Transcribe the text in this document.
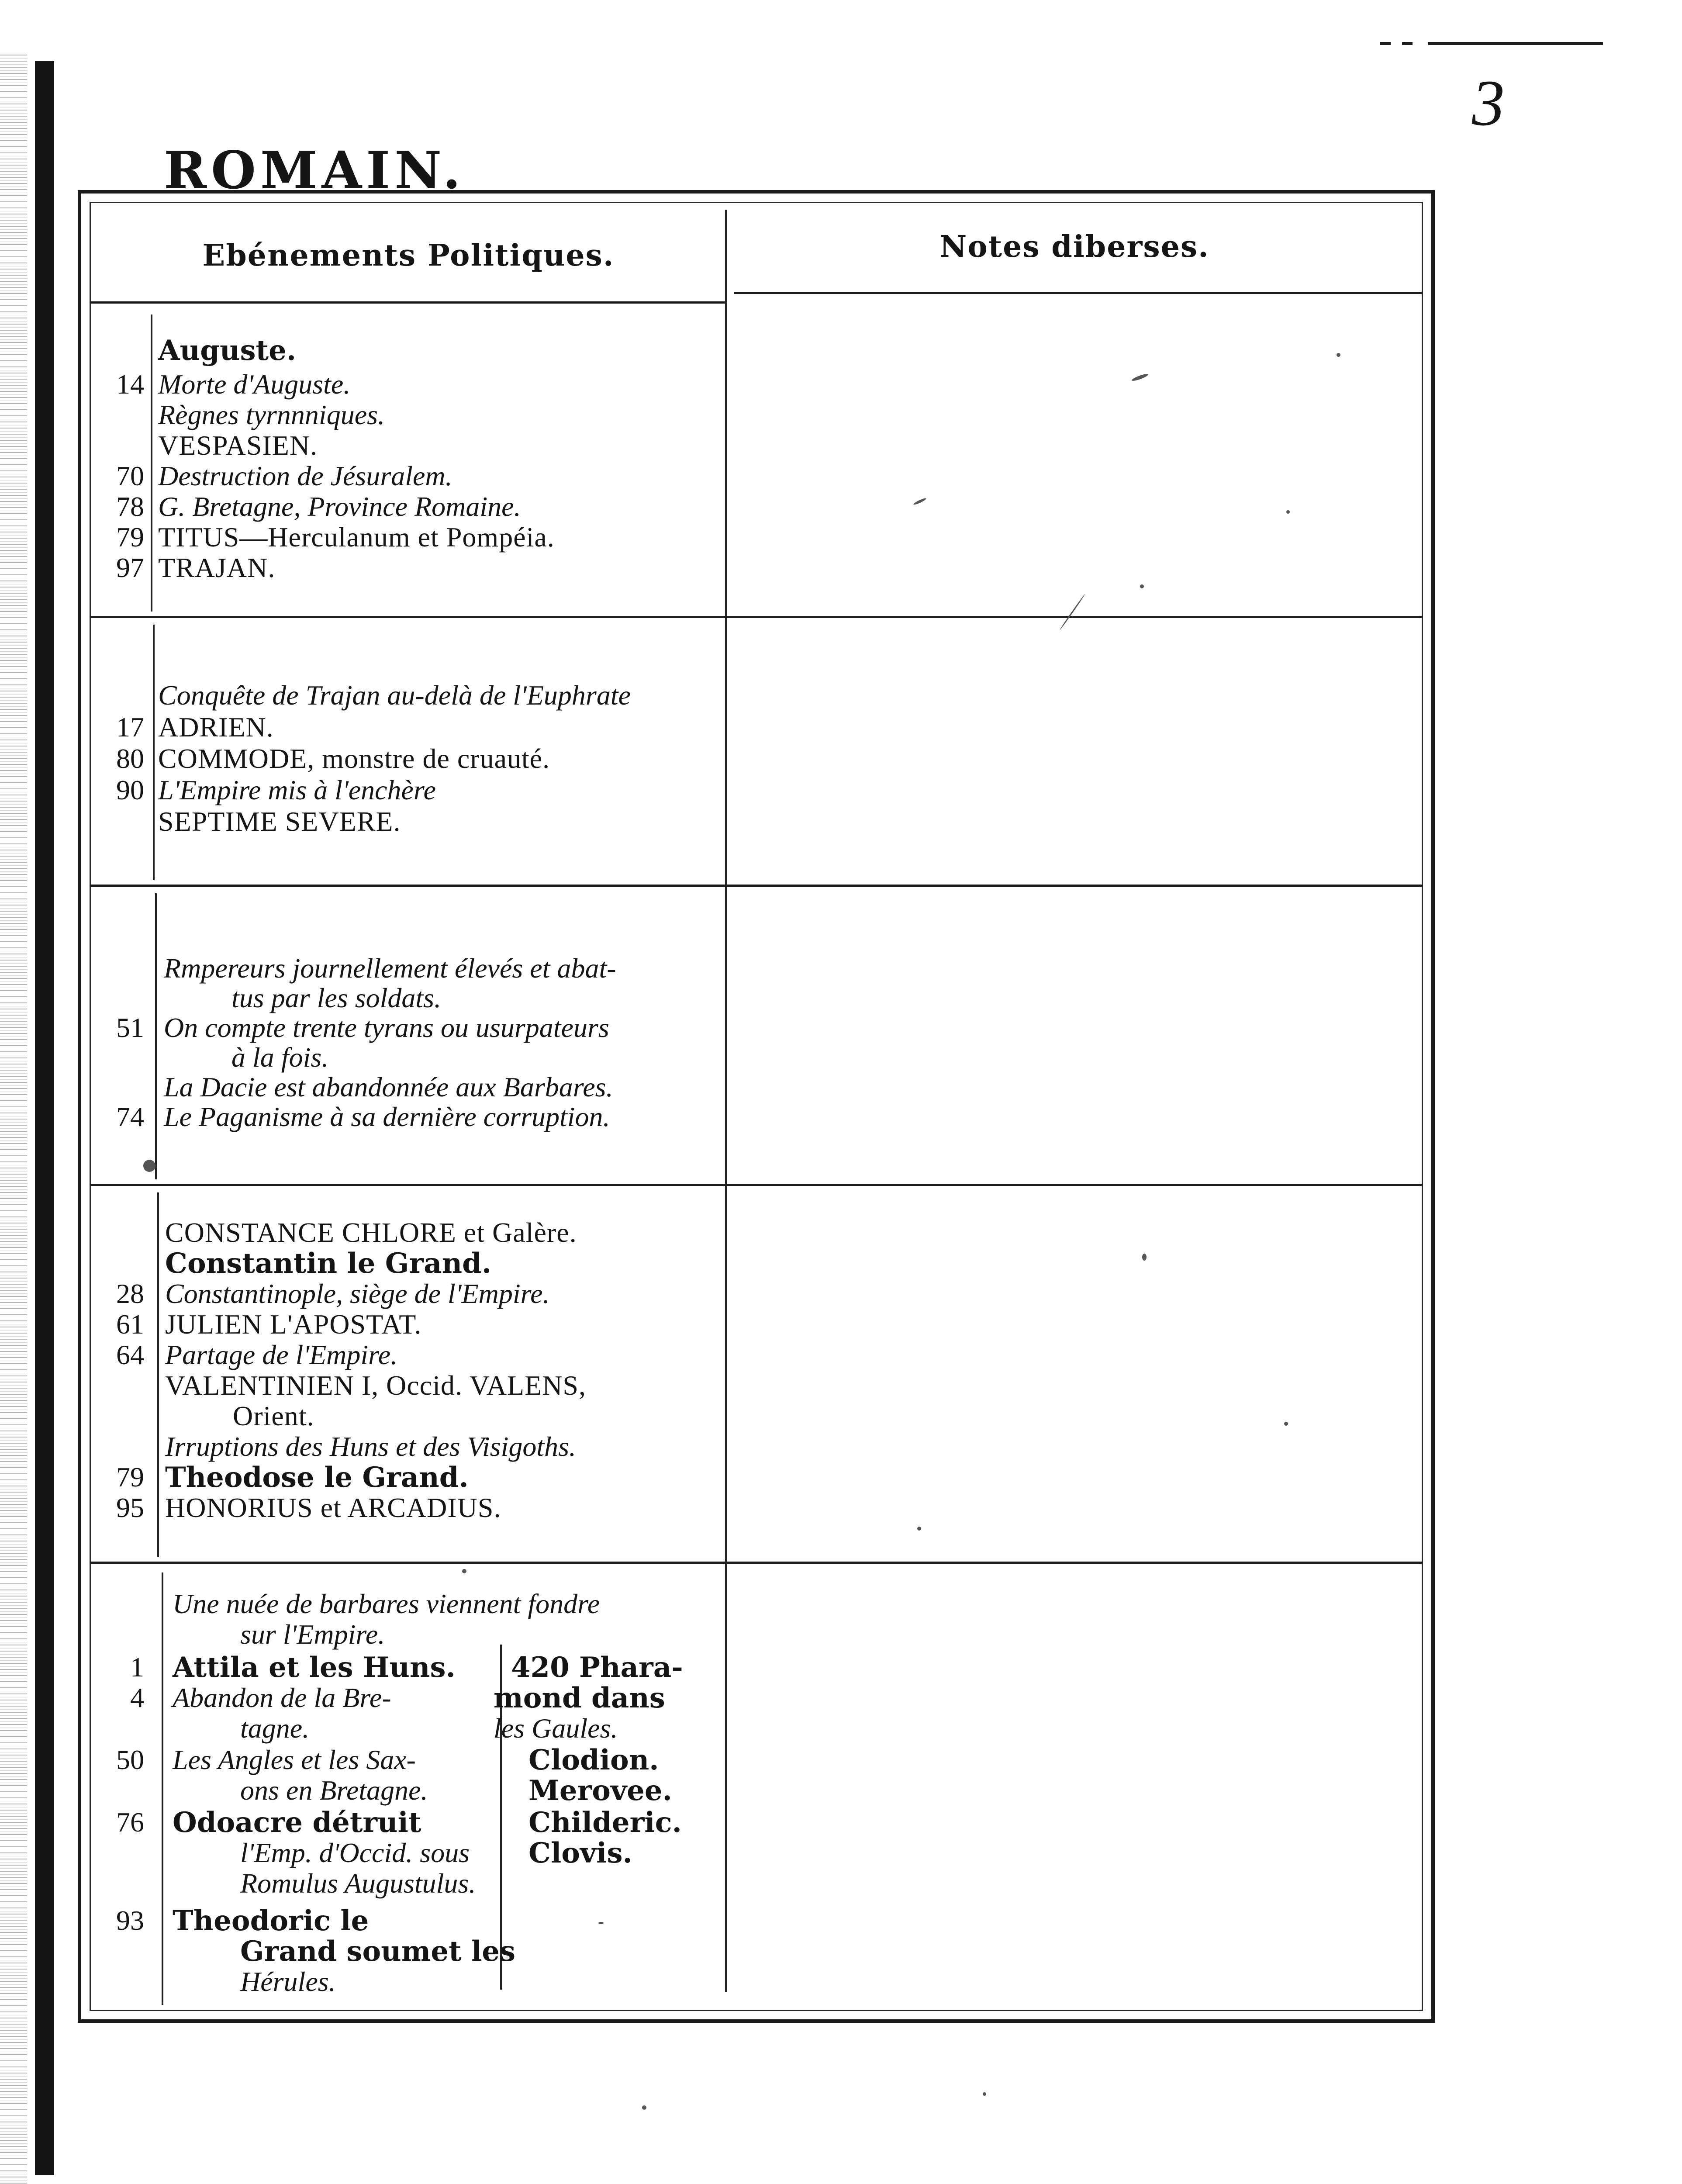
3
ROMAIN.
Ebénements Politiques.	Notes diberses.
Auguste.
14 Morte d'Auguste.
Règnes tyrnnniques.
VESPASIEN.
70 Destruction de Jésuralem.
78 G. Bretagne, Province Romaine.
79 TITUS—Herculanum et Pompéia.
97 TRAJAN.
Conquête de Trajan au-delà de l'Euphrate
17 ADRIEN.
80 COMMODE, monstre de cruauté.
90 L'Empire mis à l'enchère
SEPTIME SEVERE.
Rmpereurs journellement élevés et abat-
tus par les soldats.
51 On compte trente tyrans ou usurpateurs
à la fois.
La Dacie est abandonnée aux Barbares.
74 Le Paganisme à sa dernière corruption.
CONSTANCE CHLORE et Galère.
Constantin le Grand.
28 Constantinople, siège de l'Empire.
61 JULIEN L'APOSTAT.
64 Partage de l'Empire.
VALENTINIEN I, Occid. VALENS,
Orient.
Irruptions des Huns et des Visigoths.
79 Theodose le Grand.
95 HONORIUS et ARCADIUS.
Une nuée de barbares viennent fondre
sur l'Empire.
1 Attila et les Huns.
4 Abandon de la Bre-
tagne.
50 Les Angles et les Sax-
ons en Bretagne.
76 Odoacre détruit
l'Emp. d'Occid. sous
Romulus Augustulus.
93 Theodoric le
Grand soumet les
Hérules.
420 Phara-
mond dans
les Gaules.
Clodion.
Merovee.
Childeric.
Clovis.
